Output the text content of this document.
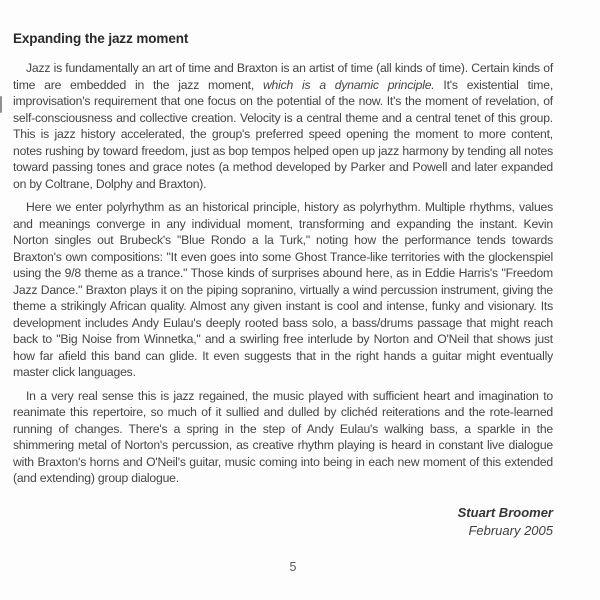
Expanding the jazz moment

Jazz is fundamentally an art of time and Braxton is an artist of time (all kinds of time). Certain kinds of time are embedded in the jazz moment, which is a dynamic principle. It's existential time, improvisation's requirement that one focus on the potential of the now. It's the moment of revelation, of self-consciousness and collective creation. Velocity is a central theme and a central tenet of this group. This is jazz history accelerated, the group's preferred speed opening the moment to more content, notes rushing by toward freedom, just as bop tempos helped open up jazz harmony by tending all notes toward passing tones and grace notes (a method developed by Parker and Powell and later expanded on by Coltrane, Dolphy and Braxton).

Here we enter polyrhythm as an historical principle, history as polyrhythm. Multiple rhythms, values and meanings converge in any individual moment, transforming and expanding the instant. Kevin Norton singles out Brubeck's "Blue Rondo a la Turk," noting how the performance tends towards Braxton's own compositions: "It even goes into some Ghost Trance-like territories with the glockenspiel using the 9/8 theme as a trance." Those kinds of surprises abound here, as in Eddie Harris's "Freedom Jazz Dance." Braxton plays it on the piping sopranino, virtually a wind percussion instrument, giving the theme a strikingly African quality. Almost any given instant is cool and intense, funky and visionary. Its development includes Andy Eulau's deeply rooted bass solo, a bass/drums passage that might reach back to "Big Noise from Winnetka," and a swirling free interlude by Norton and O'Neil that shows just how far afield this band can glide. It even suggests that in the right hands a guitar might eventually master click languages.

In a very real sense this is jazz regained, the music played with sufficient heart and imagination to reanimate this repertoire, so much of it sullied and dulled by clichéd reiterations and the rote-learned running of changes. There's a spring in the step of Andy Eulau's walking bass, a sparkle in the shimmering metal of Norton's percussion, as creative rhythm playing is heard in constant live dialogue with Braxton's horns and O'Neil's guitar, music coming into being in each new moment of this extended (and extending) group dialogue.

Stuart Broomer
February 2005
5
